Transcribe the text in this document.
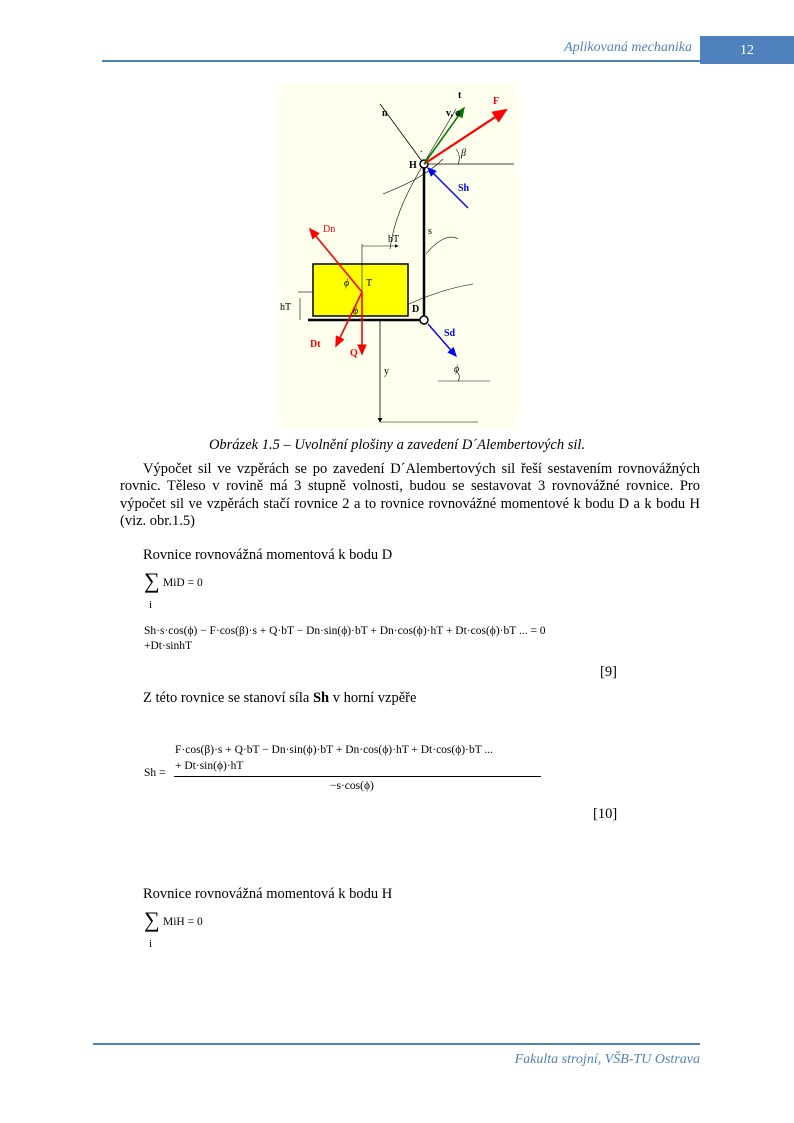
Aplikovaná mechanika	12
n
t
v, a
F
β
H
Sh
Dn
bT
s
ϕ T
hT	D
Dt
Q
Sd
y
ϕ
ϕ
.
Obrázek 1.5 – Uvolnění plošiny a zavedení D´Alembertových sil.
Výpočet sil ve vzpěrách se po zavedení D´Alembertových sil řeší sestavením rovnovážných rovnic. Těleso v rovině má 3 stupně volnosti, budou se sestavovat 3 rovnovážné rovnice. Pro výpočet sil ve vzpěrách stačí rovnice 2 a to rovnice rovnovážné momentové k bodu D a k bodu H (viz. obr.1.5)
Rovnice rovnovážná momentová k bodu D
∑ MiD = 0
i
Sh·s·cos(ϕ) − F·cos(β)·s + Q·bT − Dn·sin(ϕ)·bT + Dn·cos(ϕ)·hT + Dt·cos(ϕ)·bT ... = 0
+Dt·sinhT
[9]
Z této rovnice se stanoví síla Sh v horní vzpěře
Sh =
F·cos(β)·s + Q·bT − Dn·sin(ϕ)·bT + Dn·cos(ϕ)·hT + Dt·cos(ϕ)·bT ...
+ Dt·sin(ϕ)·hT
−s·cos(ϕ)
[10]
Rovnice rovnovážná momentová k bodu H
∑ MiH = 0
i
Fakulta strojní, VŠB-TU Ostrava
